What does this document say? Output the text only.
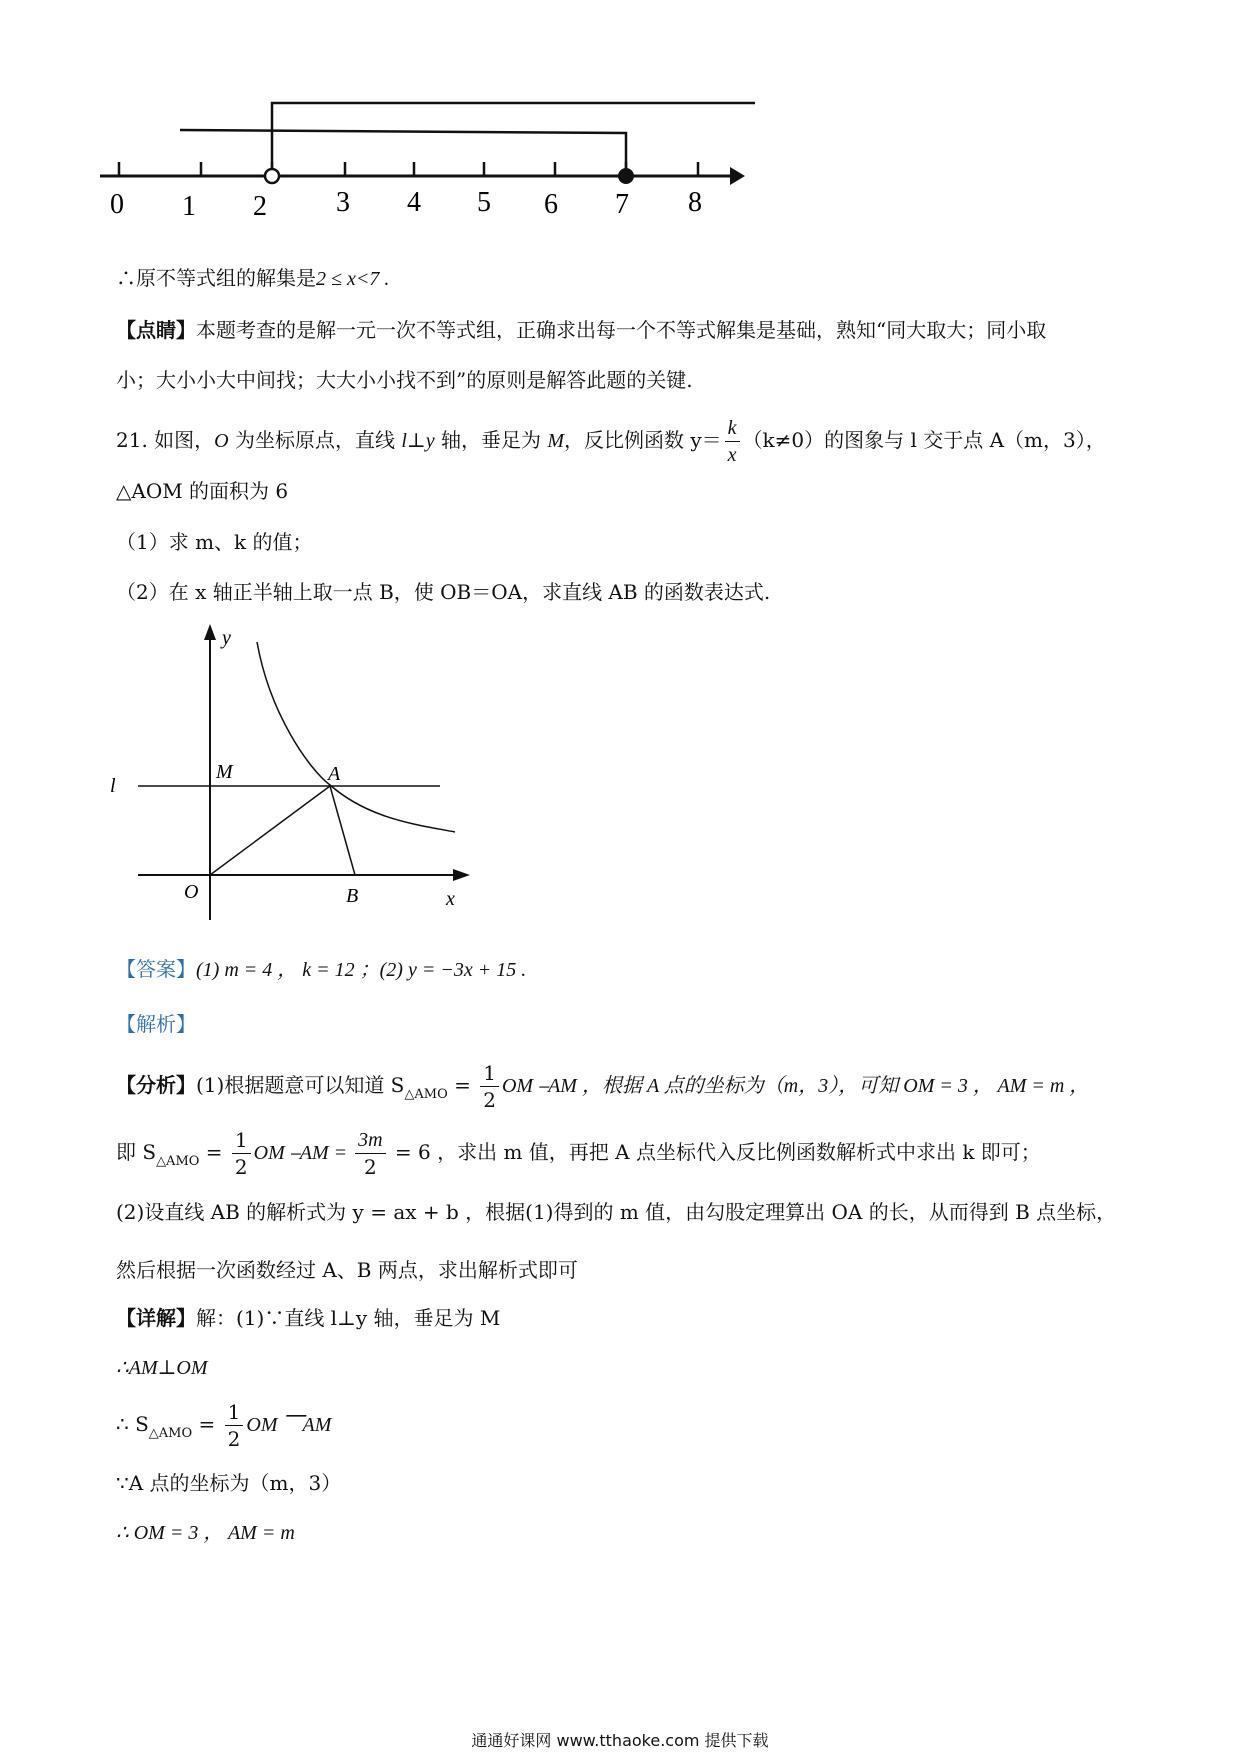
0 1 2 3 4 5 6 7 8
∴原不等式组的解集是2 ≤ x<7 .
【点睛】本题考查的是解一元一次不等式组，正确求出每一个不等式解集是基础，熟知“同大取大；同小取
小；大小小大中间找；大大小小找不到”的原则是解答此题的关键.
21. 如图，O 为坐标原点，直线 l⊥y 轴，垂足为 M，反比例函数 $y= \frac{k}{x} (k\ne 0)$的图象与 l 交于点 A（m，3），
△AOM 的面积为 6
（1）求 m、k 的值；
（2）在 x 轴正半轴上取一点 B，使 OB＝OA，求直线 AB 的函数表达式.
y
M	A
l
O	B	x
【答案】(1) m = 4 ， k = 12 ；(2) y = −3x + 15 .
【解析】
【分析】(1)根据题意可以知道 $S_{\triangle AMO} = \frac{1}{2}$ OM ⎯AM ，根据 A 点的坐标为（m，3），可知 OM = 3 ， AM = m ，
即 $S_{\triangle AMO} = \frac{1}{2}$ OM ⎯AM = $\frac{3m}{2} = 6$ ，求出 m 值，再把 A 点坐标代入反比例函数解析式中求出 k 即可；
(2)设直线 AB 的解析式为 y = ax + b ，根据(1)得到的 m 值，由勾股定理算出 OA 的长，从而得到 B 点坐标，
然后根据一次函数经过 A、B 两点，求出解析式即可
【详解】解：(1)∵直线 l⊥y 轴，垂足为 M
∴AM⊥OM
∴ $S_{\triangle AMO} = \frac{1}{2}$ OM ⎺AM
∵A 点的坐标为（m，3）
∴ OM = 3 ， AM = m
通通好课网 www.tthaoke.com 提供下载
